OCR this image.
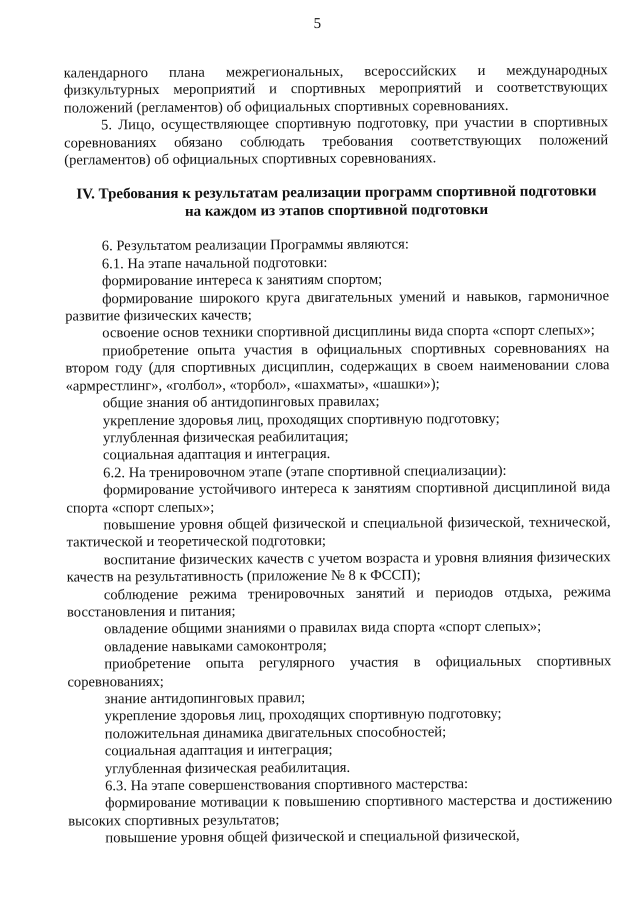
5

календарного плана межрегиональных, всероссийских и международных физкультурных мероприятий и спортивных мероприятий и соответствующих положений (регламентов) об официальных спортивных соревнованиях.

5. Лицо, осуществляющее спортивную подготовку, при участии в спортивных соревнованиях обязано соблюдать требования соответствующих положений (регламентов) об официальных спортивных соревнованиях.

IV. Требования к результатам реализации программ спортивной подготовки
на каждом из этапов спортивной подготовки

6. Результатом реализации Программы являются:

6.1. На этапе начальной подготовки:

формирование интереса к занятиям спортом;

формирование широкого круга двигательных умений и навыков, гармоничное развитие физических качеств;

освоение основ техники спортивной дисциплины вида спорта «спорт слепых»;

приобретение опыта участия в официальных спортивных соревнованиях на втором году (для спортивных дисциплин, содержащих в своем наименовании слова «армрестлинг», «голбол», «торбол», «шахматы», «шашки»);

общие знания об антидопинговых правилах;

укрепление здоровья лиц, проходящих спортивную подготовку;

углубленная физическая реабилитация;

социальная адаптация и интеграция.

6.2. На тренировочном этапе (этапе спортивной специализации):

формирование устойчивого интереса к занятиям спортивной дисциплиной вида спорта «спорт слепых»;

повышение уровня общей физической и специальной физической, технической, тактической и теоретической подготовки;

воспитание физических качеств с учетом возраста и уровня влияния физических качеств на результативность (приложение № 8 к ФССП);

соблюдение режима тренировочных занятий и периодов отдыха, режима восстановления и питания;

овладение общими знаниями о правилах вида спорта «спорт слепых»;

овладение навыками самоконтроля;

приобретение опыта регулярного участия в официальных спортивных соревнованиях;

знание антидопинговых правил;

укрепление здоровья лиц, проходящих спортивную подготовку;

положительная динамика двигательных способностей;

социальная адаптация и интеграция;

углубленная физическая реабилитация.

6.3. На этапе совершенствования спортивного мастерства:

формирование мотивации к повышению спортивного мастерства и достижению высоких спортивных результатов;

повышение уровня общей физической и специальной физической,
